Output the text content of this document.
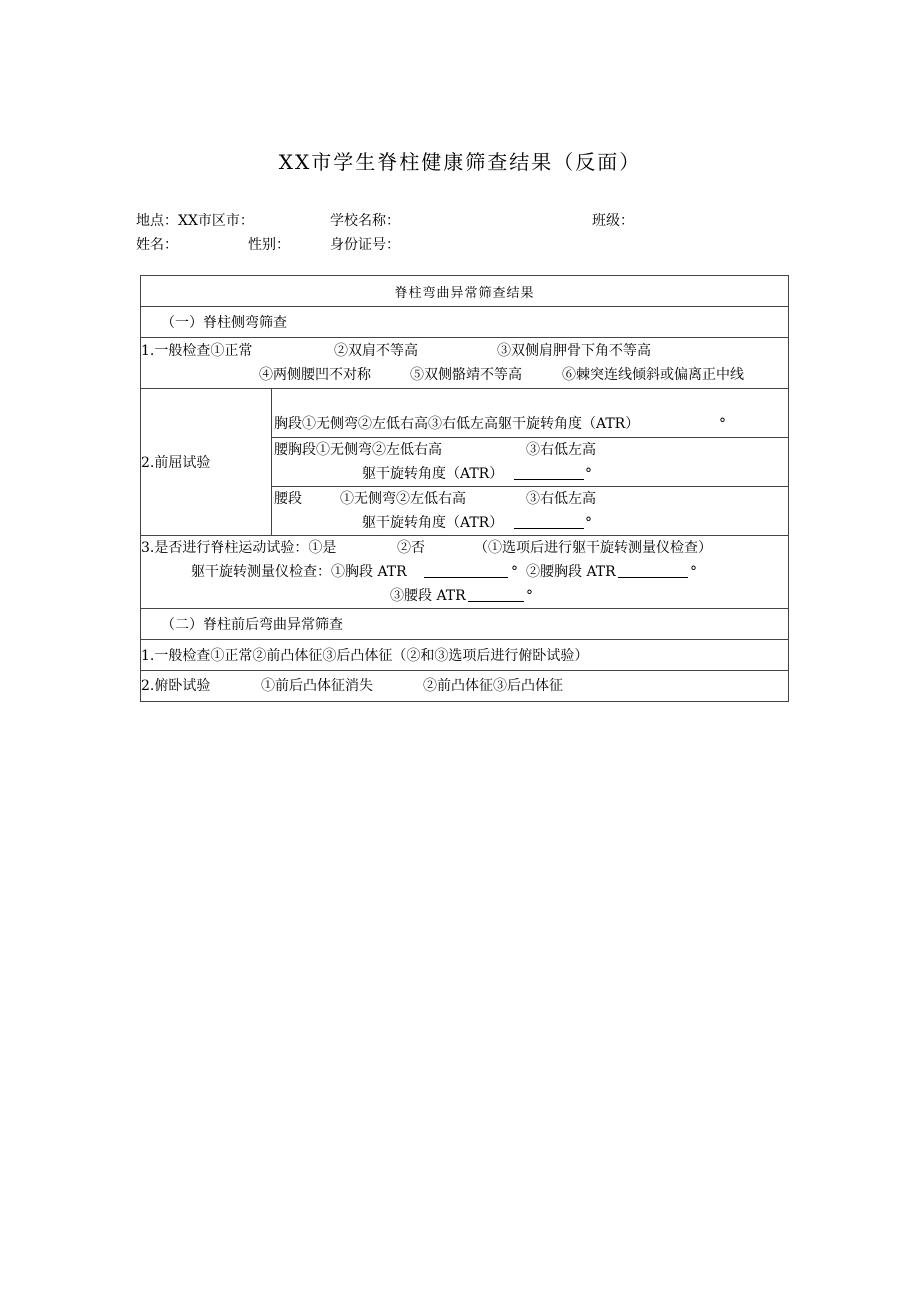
XX市学生脊柱健康筛查结果（反面）
地点：XX市区市：	学校名称：	班级：
姓名：	性别：	身份证号：
脊柱弯曲异常筛查结果
（一）脊柱侧弯筛查

1.一般检查①正常	②双肩不等高	③双侧肩胛骨下角不等高
④两侧腰凹不对称	⑤双侧骼靖不等高	⑥棘突连线倾斜或偏离正中线

2.前屈试验	
胸段①无侧弯②左低右高③右低左高躯干旋转角度（ATR）	°

腰胸段①无侧弯②左低右高	③右低左高
躯干旋转角度（ATR）	°

腰段	①无侧弯②左低右高	③右低左高
躯干旋转角度（ATR）	°

3.是否进行脊柱运动试验：①是	②否	（①选项后进行躯干旋转测量仪检查）
躯干旋转测量仪检查：①胸段 ATR	° ②腰胸段 ATR	°
③腰段 ATR	°

（二）脊柱前后弯曲异常筛查
1.一般检查①正常②前凸体征③后凸体征（②和③选项后进行俯卧试验）

2.俯卧试验	①前后凸体征消失	②前凸体征③后凸体征
